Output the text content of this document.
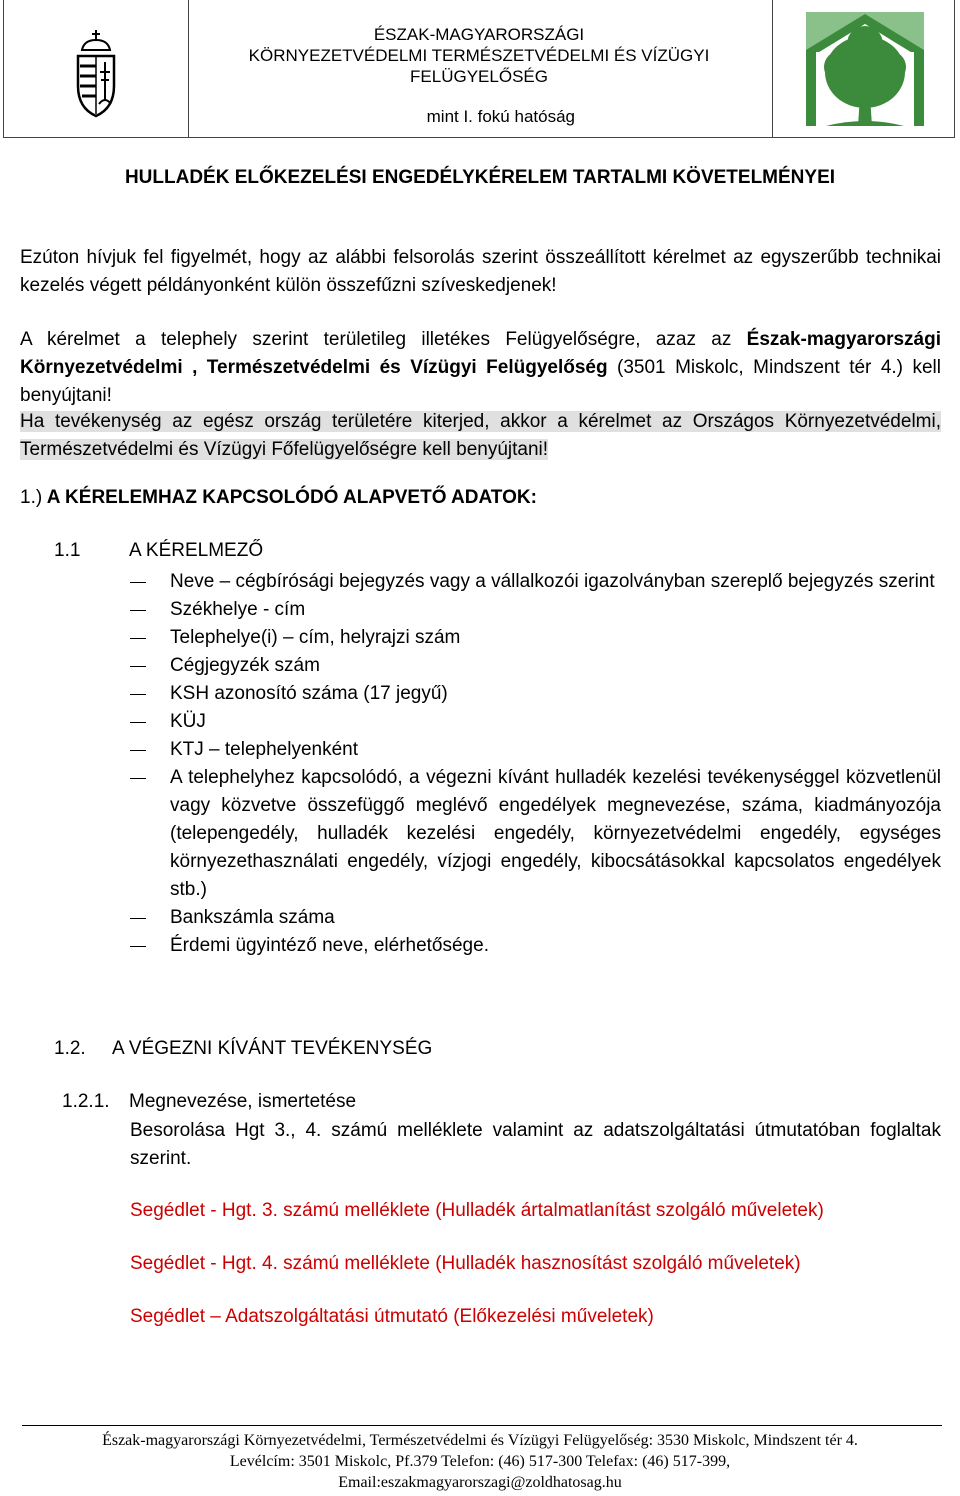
ÉSZAK-MAGYARORSZÁGI
KÖRNYEZETVÉDELMI TERMÉSZETVÉDELMI ÉS VÍZÜGYI
FELÜGYELŐSÉG
mint I. fokú hatóság
HULLADÉK ELŐKEZELÉSI ENGEDÉLYKÉRELEM TARTALMI KÖVETELMÉNYEI
Ezúton hívjuk fel figyelmét, hogy az alábbi felsorolás szerint összeállított kérelmet az egyszerűbb technikai kezelés végett példányonként külön összefűzni szíveskedjenek!
A kérelmet a telephely szerint területileg illetékes Felügyelőségre, azaz az Észak-magyarországi Környezetvédelmi , Természetvédelmi és Vízügyi Felügyelőség (3501 Miskolc, Mindszent tér 4.) kell benyújtani!
Ha tevékenység az egész ország területére kiterjed, akkor a kérelmet az Országos Környezetvédelmi, Természetvédelmi és Vízügyi Főfelügyelőségre kell benyújtani!
1.) A KÉRELEMHAZ KAPCSOLÓDÓ ALAPVETŐ ADATOK:
1.1	A KÉRELMEZŐ
Neve – cégbírósági bejegyzés vagy a vállalkozói igazolványban szereplő bejegyzés szerint
Székhelye - cím
Telephelye(i) – cím, helyrajzi szám
Cégjegyzék szám
KSH azonosító száma (17 jegyű)
KÜJ
KTJ – telephelyenként
A telephelyhez kapcsolódó, a végezni kívánt hulladék kezelési tevékenységgel közvetlenül vagy közvetve összefüggő meglévő engedélyek megnevezése, száma, kiadmányozója (telepengedély, hulladék kezelési engedély, környezetvédelmi engedély, egységes környezethasználati engedély, vízjogi engedély, kibocsátásokkal kapcsolatos engedélyek stb.)
Bankszámla száma
Érdemi ügyintéző neve, elérhetősége.
1.2. A VÉGEZNI KÍVÁNT TEVÉKENYSÉG
1.2.1. Megnevezése, ismertetése
Besorolása Hgt 3., 4. számú melléklete valamint az adatszolgáltatási útmutatóban foglaltak szerint.
Segédlet - Hgt. 3. számú melléklete (Hulladék ártalmatlanítást szolgáló műveletek)
Segédlet - Hgt. 4. számú melléklete (Hulladék hasznosítást szolgáló műveletek)
Segédlet – Adatszolgáltatási útmutató (Előkezelési műveletek)
Észak-magyarországi Környezetvédelmi, Természetvédelmi és Vízügyi Felügyelőség: 3530 Miskolc, Mindszent tér 4.
Levélcím: 3501 Miskolc, Pf.379 Telefon: (46) 517-300 Telefax: (46) 517-399,
Email:eszakmagyarorszagi@zoldhatosag.hu
